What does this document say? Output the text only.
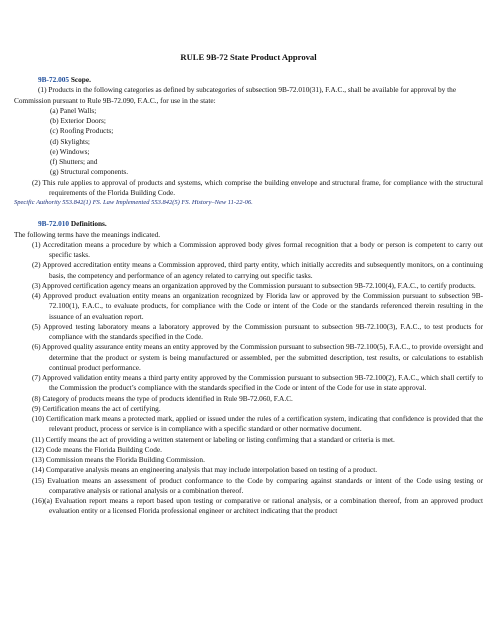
RULE 9B-72 State Product Approval

9B-72.005 Scope.

(1) Products in the following categories as defined by subcategories of subsection 9B-72.010(31), F.A.C., shall be available for approval by the Commission pursuant to Rule 9B-72.090, F.A.C., for use in the state:

(a) Panel Walls;

(b) Exterior Doors;

(c) Roofing Products;

(d) Skylights;

(e) Windows;

(f) Shutters; and

(g) Structural components.

(2) This rule applies to approval of products and systems, which comprise the building envelope and structural frame, for compliance with the structural requirements of the Florida Building Code.

Specific Authority 553.842(1) FS. Law Implemented 553.842(5) FS. History–New 11-22-06.

9B-72.010 Definitions.

The following terms have the meanings indicated.

(1) Accreditation means a procedure by which a Commission approved body gives formal recognition that a body or person is competent to carry out specific tasks.

(2) Approved accreditation entity means a Commission approved, third party entity, which initially accredits and subsequently monitors, on a continuing basis, the competency and performance of an agency related to carrying out specific tasks.

(3) Approved certification agency means an organization approved by the Commission pursuant to subsection 9B-72.100(4), F.A.C., to certify products.

(4) Approved product evaluation entity means an organization recognized by Florida law or approved by the Commission pursuant to subsection 9B-72.100(1), F.A.C., to evaluate products, for compliance with the Code or intent of the Code or the standards referenced therein resulting in the issuance of an evaluation report.

(5) Approved testing laboratory means a laboratory approved by the Commission pursuant to subsection 9B-72.100(3), F.A.C., to test products for compliance with the standards specified in the Code.

(6) Approved quality assurance entity means an entity approved by the Commission pursuant to subsection 9B-72.100(5), F.A.C., to provide oversight and determine that the product or system is being manufactured or assembled, per the submitted description, test results, or calculations to establish continual product performance.

(7) Approved validation entity means a third party entity approved by the Commission pursuant to subsection 9B-72.100(2), F.A.C., which shall certify to the Commission the product’s compliance with the standards specified in the Code or intent of the Code for use in state approval.

(8) Category of products means the type of products identified in Rule 9B-72.060, F.A.C.

(9) Certification means the act of certifying.

(10) Certification mark means a protected mark, applied or issued under the rules of a certification system, indicating that confidence is provided that the relevant product, process or service is in compliance with a specific standard or other normative document.

(11) Certify means the act of providing a written statement or labeling or listing confirming that a standard or criteria is met.

(12) Code means the Florida Building Code.

(13) Commission means the Florida Building Commission.

(14) Comparative analysis means an engineering analysis that may include interpolation based on testing of a product.

(15) Evaluation means an assessment of product conformance to the Code by comparing against standards or intent of the Code using testing or comparative analysis or rational analysis or a combination thereof.

(16)(a) Evaluation report means a report based upon testing or comparative or rational analysis, or a combination thereof, from an approved product evaluation entity or a licensed Florida professional engineer or architect indicating that the product
